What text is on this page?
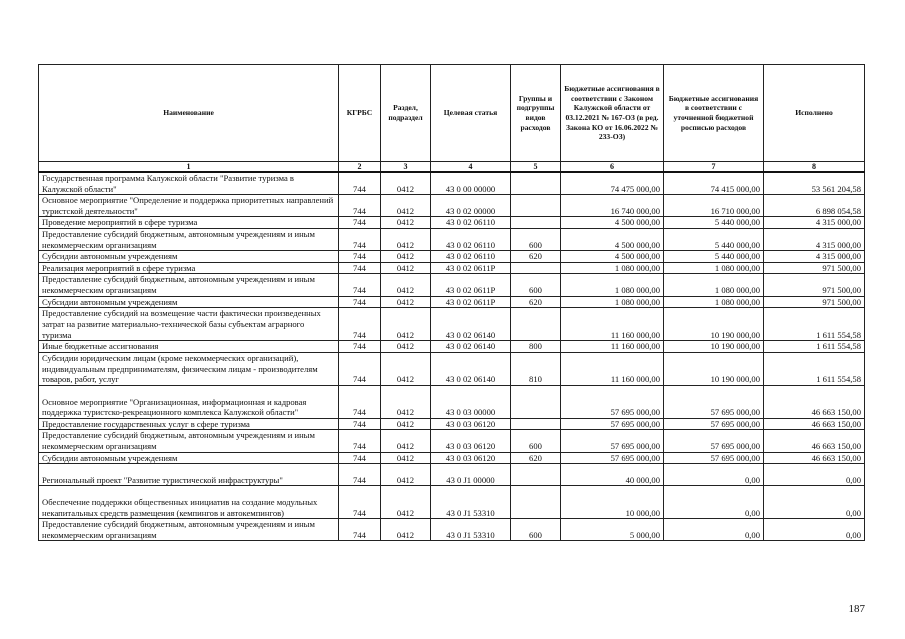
Наименование	КГРБС	Раздел, подраздел	Целевая статья	Группы и подгруппы видов расходов	Бюджетные ассигнования в соответствии с Законом Калужской области от 03.12.2021 № 167-ОЗ (в ред. Закона КО от 16.06.2022 № 233-ОЗ)	Бюджетные ассигнования в соответствии с уточненной бюджетной росписью расходов	Исполнено
1	2	3	4	5	6	7	8
Государственная программа Калужской области "Развитие туризма в Калужской области"	744	0412	43 0 00 00000		74 475 000,00	74 415 000,00	53 561 204,58
Основное мероприятие "Определение и поддержка приоритетных направлений туристской деятельности"	744	0412	43 0 02 00000		16 740 000,00	16 710 000,00	6 898 054,58
Проведение мероприятий в сфере туризма	744	0412	43 0 02 06110		4 500 000,00	5 440 000,00	4 315 000,00
Предоставление субсидий бюджетным, автономным учреждениям и иным некоммерческим организациям	744	0412	43 0 02 06110	600	4 500 000,00	5 440 000,00	4 315 000,00
Субсидии автономным учреждениям	744	0412	43 0 02 06110	620	4 500 000,00	5 440 000,00	4 315 000,00
Реализация мероприятий в сфере туризма	744	0412	43 0 02 0611Р		1 080 000,00	1 080 000,00	971 500,00
Предоставление субсидий бюджетным, автономным учреждениям и иным некоммерческим организациям	744	0412	43 0 02 0611Р	600	1 080 000,00	1 080 000,00	971 500,00
Субсидии автономным учреждениям	744	0412	43 0 02 0611Р	620	1 080 000,00	1 080 000,00	971 500,00
Предоставление субсидий на возмещение части фактически произведенных затрат на развитие материально-технической базы субъектам аграрного туризма	744	0412	43 0 02 06140		11 160 000,00	10 190 000,00	1 611 554,58
Иные бюджетные ассигнования	744	0412	43 0 02 06140	800	11 160 000,00	10 190 000,00	1 611 554,58
Субсидии юридическим лицам (кроме некоммерческих организаций), индивидуальным предпринимателям, физическим лицам - производителям товаров, работ, услуг	744	0412	43 0 02 06140	810	11 160 000,00	10 190 000,00	1 611 554,58
Основное мероприятие "Организационная, информационная и кадровая поддержка туристско-рекреационного комплекса Калужской области"	744	0412	43 0 03 00000		57 695 000,00	57 695 000,00	46 663 150,00
Предоставление государственных услуг в сфере туризма	744	0412	43 0 03 06120		57 695 000,00	57 695 000,00	46 663 150,00
Предоставление субсидий бюджетным, автономным учреждениям и иным некоммерческим организациям	744	0412	43 0 03 06120	600	57 695 000,00	57 695 000,00	46 663 150,00
Субсидии автономным учреждениям	744	0412	43 0 03 06120	620	57 695 000,00	57 695 000,00	46 663 150,00
Региональный проект "Развитие туристической инфраструктуры"	744	0412	43 0 J1 00000		40 000,00	0,00	0,00
Обеспечение поддержки общественных инициатив на создание модульных некапитальных средств размещения (кемпингов и автокемпингов)	744	0412	43 0 J1 53310		10 000,00	0,00	0,00
Предоставление субсидий бюджетным, автономным учреждениям и иным некоммерческим организациям	744	0412	43 0 J1 53310	600	5 000,00	0,00	0,00
187
